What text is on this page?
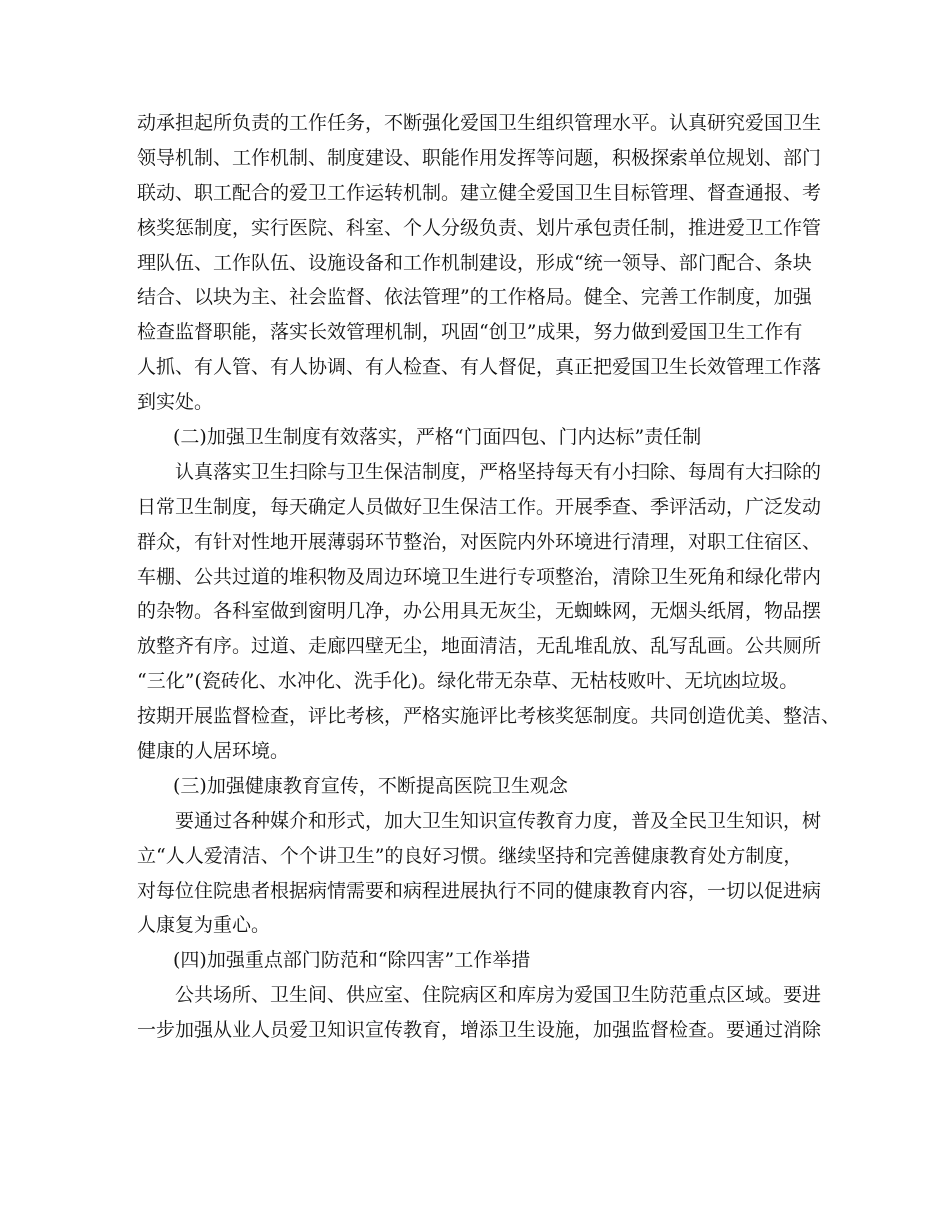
动承担起所负责的工作任务，不断强化爱国卫生组织管理水平。认真研究爱国卫生
领导机制、工作机制、制度建设、职能作用发挥等问题，积极探索单位规划、部门
联动、职工配合的爱卫工作运转机制。建立健全爱国卫生目标管理、督查通报、考
核奖惩制度，实行医院、科室、个人分级负责、划片承包责任制，推进爱卫工作管
理队伍、工作队伍、设施设备和工作机制建设，形成“统一领导、部门配合、条块
结合、以块为主、社会监督、依法管理”的工作格局。健全、完善工作制度，加强
检查监督职能，落实长效管理机制，巩固“创卫”成果，努力做到爱国卫生工作有
人抓、有人管、有人协调、有人检查、有人督促，真正把爱国卫生长效管理工作落
到实处。
(二)加强卫生制度有效落实，严格“门面四包、门内达标”责任制
认真落实卫生扫除与卫生保洁制度，严格坚持每天有小扫除、每周有大扫除的
日常卫生制度，每天确定人员做好卫生保洁工作。开展季查、季评活动，广泛发动
群众，有针对性地开展薄弱环节整治，对医院内外环境进行清理，对职工住宿区、
车棚、公共过道的堆积物及周边环境卫生进行专项整治，清除卫生死角和绿化带内
的杂物。各科室做到窗明几净，办公用具无灰尘，无蜘蛛网，无烟头纸屑，物品摆
放整齐有序。过道、走廊四壁无尘，地面清洁，无乱堆乱放、乱写乱画。公共厕所
“三化”(瓷砖化、水冲化、洗手化)。绿化带无杂草、无枯枝败叶、无坑凼垃圾。
按期开展监督检查，评比考核，严格实施评比考核奖惩制度。共同创造优美、整洁、
健康的人居环境。
(三)加强健康教育宣传，不断提高医院卫生观念
要通过各种媒介和形式，加大卫生知识宣传教育力度，普及全民卫生知识，树
立“人人爱清洁、个个讲卫生”的良好习惯。继续坚持和完善健康教育处方制度，
对每位住院患者根据病情需要和病程进展执行不同的健康教育内容，一切以促进病
人康复为重心。
(四)加强重点部门防范和“除四害”工作举措
公共场所、卫生间、供应室、住院病区和库房为爱国卫生防范重点区域。要进
一步加强从业人员爱卫知识宣传教育，增添卫生设施，加强监督检查。要通过消除
